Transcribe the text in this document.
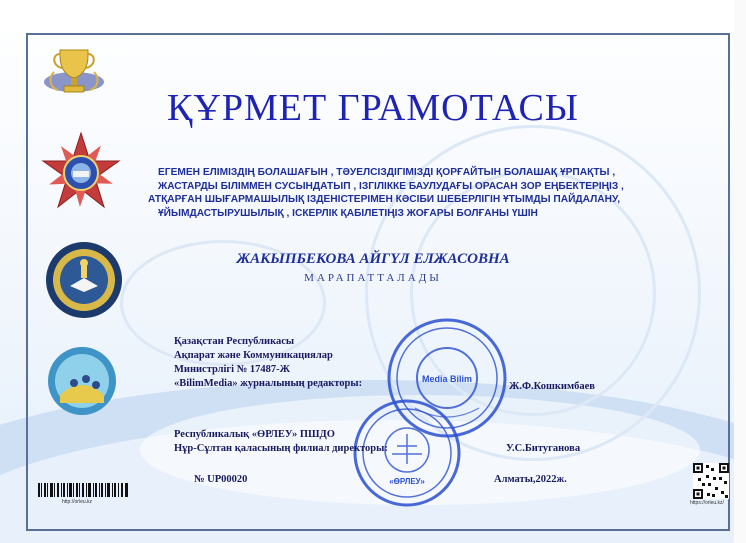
ҚҰРМЕТ ГРАМОТАСЫ
ЕГЕМЕН ЕЛІМІЗДІҢ БОЛАШАҒЫН , ТӘУЕЛСІЗДІГІМІЗДІ ҚОРҒАЙТЫН БОЛАШАҚ ҰРПАҚТЫ ,
ЖАСТАРДЫ БІЛІММЕН СУСЫНДАТЫП , ІЗГІЛІККЕ БАУЛУДАҒЫ ОРАСАН ЗОР ЕҢБЕКТЕРІҢІЗ ,
АТҚАРҒАН ШЫҒАРМАШЫЛЫҚ ІЗДЕНІСТЕРІМЕН КӘСІБИ ШЕБЕРЛІГІН ҰТЫМДЫ ПАЙДАЛАНУ,
ҰЙЫМДАСТЫРУШЫЛЫҚ , ІСКЕРЛІК ҚАБІЛЕТІҢІЗ ЖОҒАРЫ БОЛҒАНЫ ҮШІН
ЖАКЫПБЕКОВА АЙГҮЛ ЕЛЖАСОВНА
МАРАПАТТАЛАДЫ
Media Bilim
«ӨРЛЕУ»
Қазақстан Республикасы
Ақпарат және Коммуникациялар
Министрлігі № 17487-Ж
«BilimMedia» журналының редакторы:	Ж.Ф.Кошкимбаев
Республикалық «ӨРЛЕУ» ПШДО
Нұр-Сұлтан қаласының филиал директоры:	У.С.Битуганова
№ UP00020	Алматы,2022ж.
http://orleu.kz	https://orleu.kz/
